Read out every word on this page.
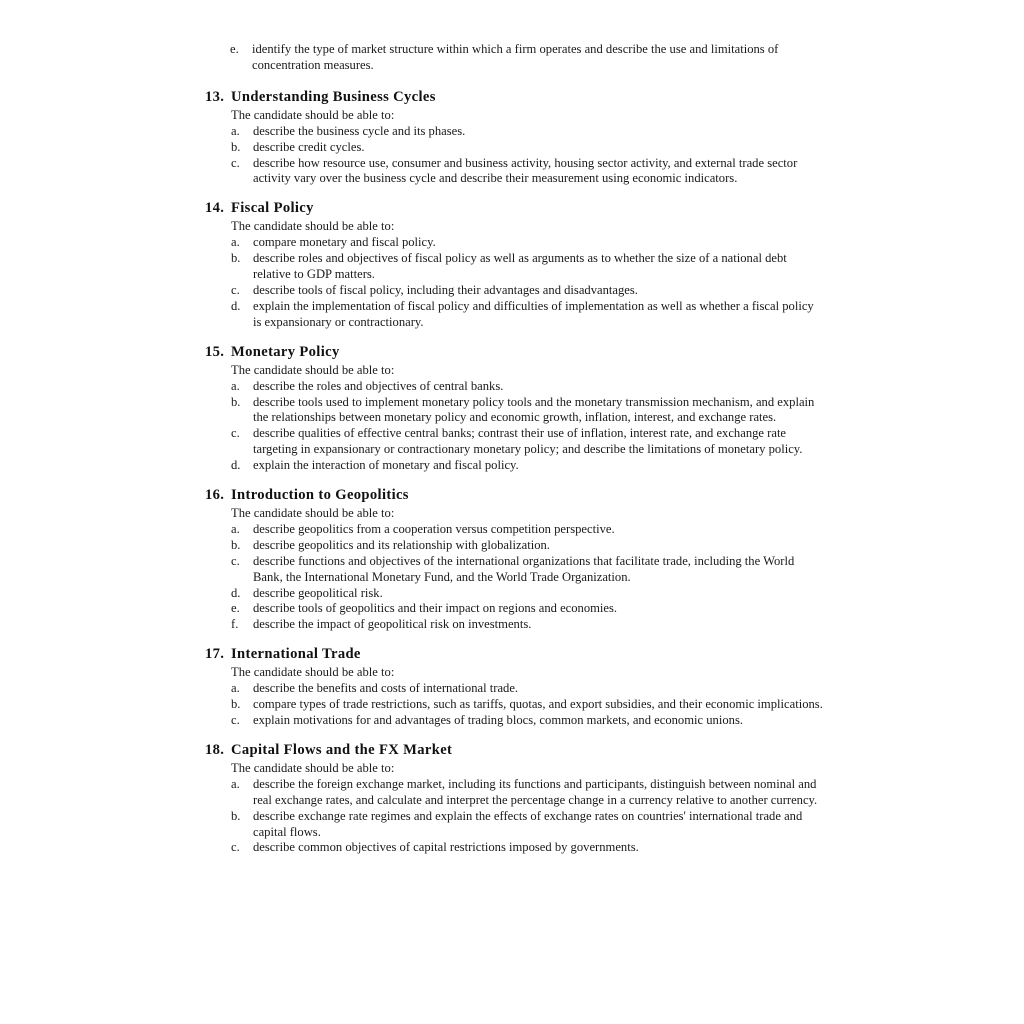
e. identify the type of market structure within which a firm operates and describe the use and limitations of concentration measures.

13. Understanding Business Cycles

The candidate should be able to:

a. describe the business cycle and its phases.

b. describe credit cycles.

c. describe how resource use, consumer and business activity, housing sector activity, and external trade sector activity vary over the business cycle and describe their measurement using economic indicators.

14. Fiscal Policy

The candidate should be able to:

a. compare monetary and fiscal policy.

b. describe roles and objectives of fiscal policy as well as arguments as to whether the size of a national debt relative to GDP matters.

c. describe tools of fiscal policy, including their advantages and disadvantages.

d. explain the implementation of fiscal policy and difficulties of implementation as well as whether a fiscal policy is expansionary or contractionary.

15. Monetary Policy

The candidate should be able to:

a. describe the roles and objectives of central banks.

b. describe tools used to implement monetary policy tools and the monetary transmission mechanism, and explain the relationships between monetary policy and economic growth, inflation, interest, and exchange rates.

c. describe qualities of effective central banks; contrast their use of inflation, interest rate, and exchange rate targeting in expansionary or contractionary monetary policy; and describe the limitations of monetary policy.

d. explain the interaction of monetary and fiscal policy.

16. Introduction to Geopolitics

The candidate should be able to:

a. describe geopolitics from a cooperation versus competition perspective.

b. describe geopolitics and its relationship with globalization.

c. describe functions and objectives of the international organizations that facilitate trade, including the World Bank, the International Monetary Fund, and the World Trade Organization.

d. describe geopolitical risk.

e. describe tools of geopolitics and their impact on regions and economies.

f. describe the impact of geopolitical risk on investments.

17. International Trade

The candidate should be able to:

a. describe the benefits and costs of international trade.

b. compare types of trade restrictions, such as tariffs, quotas, and export subsidies, and their economic implications.

c. explain motivations for and advantages of trading blocs, common markets, and economic unions.

18. Capital Flows and the FX Market

The candidate should be able to:

a. describe the foreign exchange market, including its functions and participants, distinguish between nominal and real exchange rates, and calculate and interpret the percentage change in a currency relative to another currency.

b. describe exchange rate regimes and explain the effects of exchange rates on countries' international trade and capital flows.

c. describe common objectives of capital restrictions imposed by governments.
